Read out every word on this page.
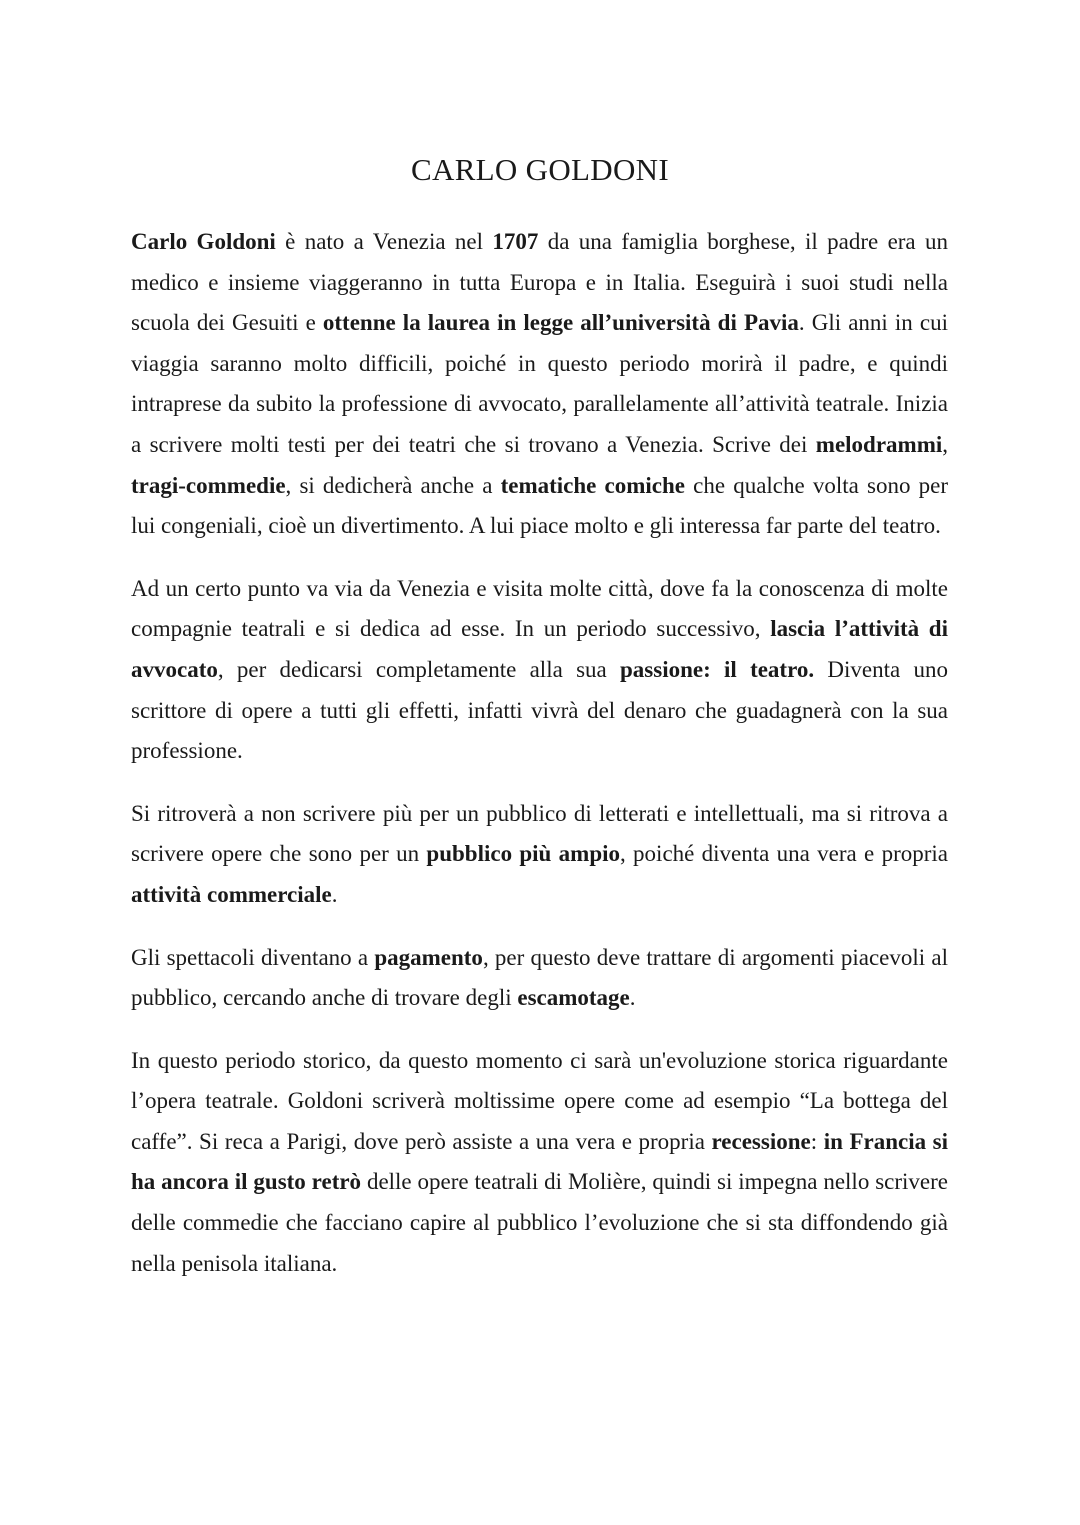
CARLO GOLDONI

Carlo Goldoni è nato a Venezia nel 1707 da una famiglia borghese, il padre era un medico e insieme viaggeranno in tutta Europa e in Italia. Eseguirà i suoi studi nella scuola dei Gesuiti e ottenne la laurea in legge all’università di Pavia. Gli anni in cui viaggia saranno molto difficili, poiché in questo periodo morirà il padre, e quindi intraprese da subito la professione di avvocato, parallelamente all’attività teatrale. Inizia a scrivere molti testi per dei teatri che si trovano a Venezia. Scrive dei melodrammi, tragi-commedie, si dedicherà anche a tematiche comiche che qualche volta sono per lui congeniali, cioè un divertimento. A lui piace molto e gli interessa far parte del teatro.

Ad un certo punto va via da Venezia e visita molte città, dove fa la conoscenza di molte compagnie teatrali e si dedica ad esse. In un periodo successivo, lascia l’attività di avvocato, per dedicarsi completamente alla sua passione: il teatro. Diventa uno scrittore di opere a tutti gli effetti, infatti vivrà del denaro che guadagnerà con la sua professione.

Si ritroverà a non scrivere più per un pubblico di letterati e intellettuali, ma si ritrova a scrivere opere che sono per un pubblico più ampio, poiché diventa una vera e propria attività commerciale.

Gli spettacoli diventano a pagamento, per questo deve trattare di argomenti piacevoli al pubblico, cercando anche di trovare degli escamotage.

In questo periodo storico, da questo momento ci sarà un'evoluzione storica riguardante l’opera teatrale. Goldoni scriverà moltissime opere come ad esempio “La bottega del caffe”. Si reca a Parigi, dove però assiste a una vera e propria recessione: in Francia si ha ancora il gusto retrò delle opere teatrali di Molière, quindi si impegna nello scrivere delle commedie che facciano capire al pubblico l’evoluzione che si sta diffondendo già nella penisola italiana.
